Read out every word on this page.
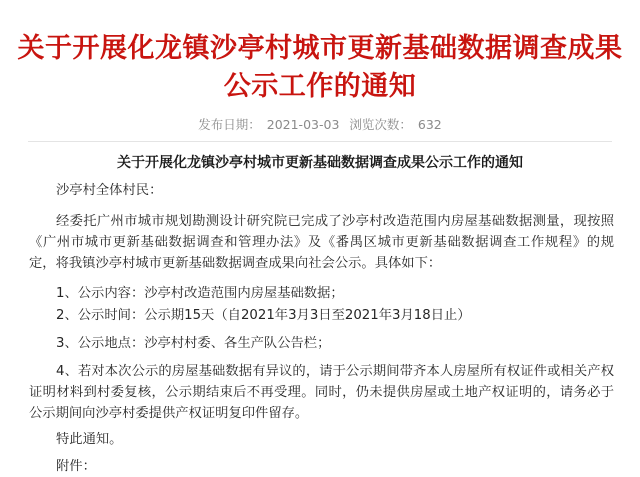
关于开展化龙镇沙亭村城市更新基础数据调查成果
公示工作的通知
发布日期： 2021-03-03 浏览次数： 632
关于开展化龙镇沙亭村城市更新基础数据调查成果公示工作的通知
沙亭村全体村民：
经委托广州市城市规划勘测设计研究院已完成了沙亭村改造范围内房屋基础数据测量，现按照《广州市城市更新基础数据调查和管理办法》及《番禺区城市更新基础数据调查工作规程》的规定，将我镇沙亭村城市更新基础数据调查成果向社会公示。具体如下：
1、公示内容：沙亭村改造范围内房屋基础数据；
2、公示时间：公示期15天（自2021年3月3日至2021年3月18日止）
3、公示地点：沙亭村村委、各生产队公告栏；
4、若对本次公示的房屋基础数据有异议的，请于公示期间带齐本人房屋所有权证件或相关产权证明材料到村委复核，公示期结束后不再受理。同时，仍未提供房屋或土地产权证明的，请务必于公示期间向沙亭村委提供产权证明复印件留存。
特此通知。
附件：
